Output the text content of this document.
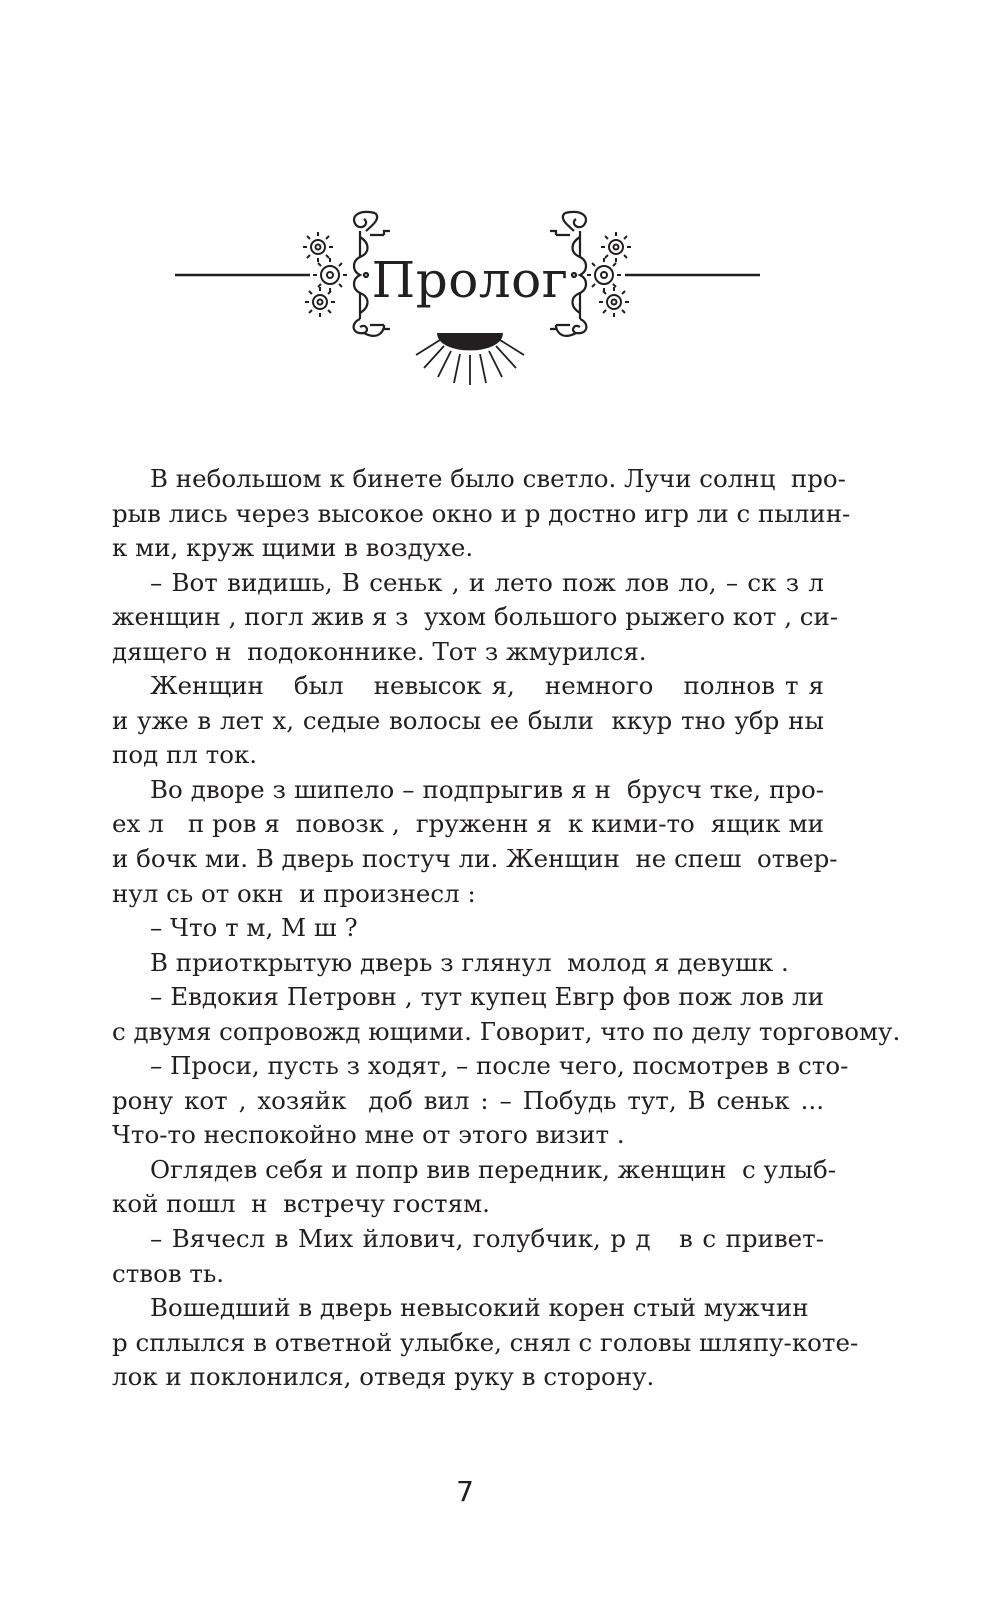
Пролог
В небольшом к бинете было светло. Лучи солнц  про-
рыв лись через высокое окно и р достно игр ли с пылин-
к ми, круж щими в воздухе.
– Вот видишь, В сеньк , и лето пож лов ло, – ск з л
женщин , погл жив я з  ухом большого рыжего кот , си-
дящего н  подоконнике. Тот з жмурился.
Женщин   был   невысок я,   немного   полнов т я
и уже в лет х, седые волосы ее были  ккур тно убр ны
под пл ток.
Во дворе з шипело – подпрыгив я н  брусч тке, про-
ех л   п ров я  повозк ,  груженн я  к кими-то  ящик ми
и бочк ми. В дверь постуч ли. Женщин  не спеш  отвер-
нул сь от окн  и произнесл :
– Что т м, М ш ?
В приоткрытую дверь з глянул  молод я девушк .
– Евдокия Петровн , тут купец Евгр фов пож лов ли
с двумя сопровожд ющими. Говорит, что по делу торговому.
– Проси, пусть з ходят, – после чего, посмотрев в сто-
рону кот , хозяйк  доб вил : – Побудь тут, В сеньк ...
Что-то неспокойно мне от этого визит .
Оглядев себя и попр вив передник, женщин  с улыб-
кой пошл  н  встречу гостям.
– Вячесл в Мих йлович, голубчик, р д   в с привет-
ствов ть.
Вошедший в дверь невысокий корен стый мужчин
р сплылся в ответной улыбке, снял с головы шляпу-коте-
лок и поклонился, отведя руку в сторону.
7
